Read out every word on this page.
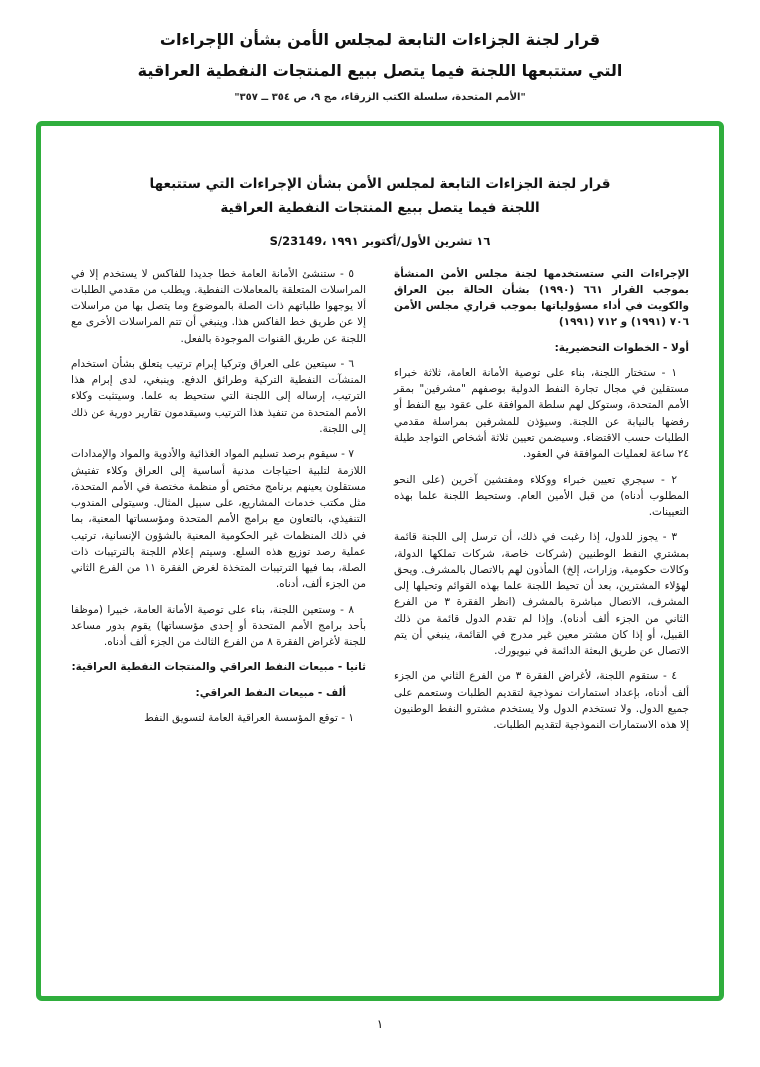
قرار لجنة الجزاءات التابعة لمجلس الأمن بشأن الإجراءات
التي ستتبعها اللجنة فيما يتصل ببيع المنتجات النفطية العراقية
"الأمم المتحدة، سلسلة الكتب الزرقاء، مج ٩، ص ٣٥٤ ــ ٣٥٧"
قرار لجنة الجزاءات التابعة لمجلس الأمن بشأن الإجراءات التي ستتبعها
اللجنة فيما يتصل ببيع المنتجات النفطية العراقية
S/23149، ١٦ تشرين الأول/أكتوبر ١٩٩١

الإجراءات التي ستستخدمها لجنة مجلس الأمن المنشأة بموجب القرار ٦٦١ (١٩٩٠) بشأن الحالة بين العراق والكويت في أداء مسؤولياتها بموجب قراري مجلس الأمن ٧٠٦ (١٩٩١) و ٧١٢ (١٩٩١)

أولا - الخطوات التحضيرية:

١ - ستختار اللجنة، بناء على توصية الأمانة العامة، ثلاثة خبراء مستقلين في مجال تجارة النفط الدولية بوصفهم "مشرفين" بمقر الأمم المتحدة، وستوكل لهم سلطة الموافقة على عقود بيع النفط أو رفضها بالنيابة عن اللجنة. وسيؤذن للمشرفين بمراسلة مقدمي الطلبات حسب الاقتضاء. وسيضمن تعيين ثلاثة أشخاص التواجد طيلة ٢٤ ساعة لعمليات الموافقة في العقود.

٢ - سيجري تعيين خبراء ووكلاء ومفتشين آخرين (على النحو المطلوب أدناه) من قبل الأمين العام. وستحيط اللجنة علما بهذه التعيينات.

٣ - يجوز للدول، إذا رغبت في ذلك، أن ترسل إلى اللجنة قائمة بمشتري النفط الوطنيين (شركات خاصة، شركات تملكها الدولة، وكالات حكومية، وزارات، إلخ) المأذون لهم بالاتصال بالمشرف. ويحق لهؤلاء المشترين، بعد أن تحيط اللجنة علما بهذه القوائم وتحيلها إلى المشرف، الاتصال مباشرة بالمشرف (انظر الفقرة ٣ من الفرع الثاني من الجزء ألف أدناه). وإذا لم تقدم الدول قائمة من ذلك القبيل، أو إذا كان مشتر معين غير مدرج في القائمة، ينبغي أن يتم الاتصال عن طريق البعثة الدائمة في نيويورك.

٤ - ستقوم اللجنة، لأغراض الفقرة ٣ من الفرع الثاني من الجزء ألف أدناه، بإعداد استمارات نموذجية لتقديم الطلبات وستعمم على جميع الدول. ولا تستخدم الدول ولا يستخدم مشترو النفط الوطنيون إلا هذه الاستمارات النموذجية لتقديم الطلبات.

٥ - ستنشئ الأمانة العامة خطا جديدا للفاكس لا يستخدم إلا في المراسلات المتعلقة بالمعاملات النفطية. ويطلب من مقدمي الطلبات ألا يوجهوا طلباتهم ذات الصلة بالموضوع وما يتصل بها من مراسلات إلا عن طريق خط الفاكس هذا. وينبغي أن تتم المراسلات الأخرى مع اللجنة عن طريق القنوات الموجودة بالفعل.

٦ - سيتعين على العراق وتركيا إبرام ترتيب يتعلق بشأن استخدام المنشآت النفطية التركية وطرائق الدفع. وينبغي، لدى إبرام هذا الترتيب، إرساله إلى اللجنة التي ستحيط به علما. وسيتثبت وكلاء الأمم المتحدة من تنفيذ هذا الترتيب وسيقدمون تقارير دورية عن ذلك إلى اللجنة.

٧ - سيقوم برصد تسليم المواد الغذائية والأدوية والمواد والإمدادات اللازمة لتلبية احتياجات مدنية أساسية إلى العراق وكلاء تفتيش مستقلون يعينهم برنامج مختص أو منظمة مختصة في الأمم المتحدة، مثل مكتب خدمات المشاريع، على سبيل المثال. وسيتولى المندوب التنفيذي، بالتعاون مع برامج الأمم المتحدة ومؤسساتها المعنية، بما في ذلك المنظمات غير الحكومية المعنية بالشؤون الإنسانية، ترتيب عملية رصد توزيع هذه السلع. وسيتم إعلام اللجنة بالترتيبات ذات الصلة، بما فيها الترتيبات المتخذة لغرض الفقرة ١١ من الفرع الثاني من الجزء ألف، أدناه.

٨ - وستعين اللجنة، بناء على توصية الأمانة العامة، خبيرا (موظفا بأحد برامج الأمم المتحدة أو إحدى مؤسساتها) يقوم بدور مساعد للجنة لأغراض الفقرة ٨ من الفرع الثالث من الجزء ألف أدناه.

ثانيا - مبيعات النفط العراقي والمنتجات النفطية العراقية:

ألف - مبيعات النفط العراقي:

١ - توقع المؤسسة العراقية العامة لتسويق النفط

١
